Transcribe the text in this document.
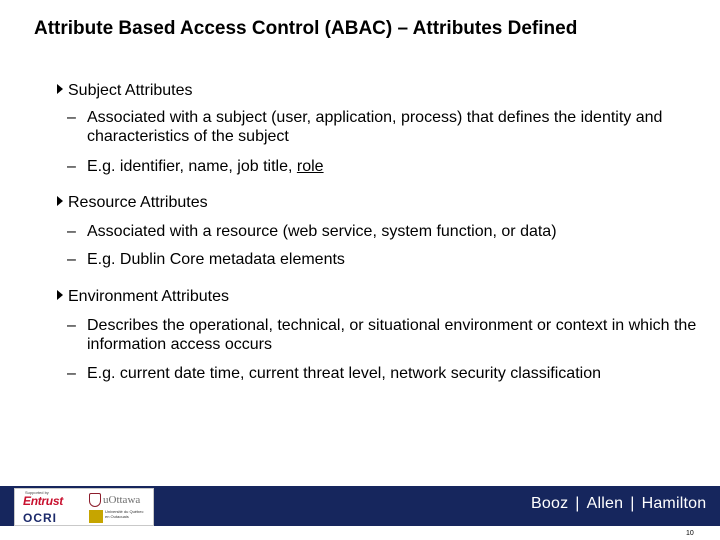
Attribute Based Access Control (ABAC) – Attributes Defined
Subject Attributes
– Associated with a subject (user, application, process) that defines the identity and characteristics of the subject
– E.g. identifier, name, job title, role
Resource Attributes
– Associated with a resource (web service, system function, or data)
– E.g. Dublin Core metadata elements
Environment Attributes
– Describes the operational, technical, or situational environment or context in which the information access occurs
– E.g. current date time, current threat level, network security classification
Supported by
Entrust
OCRI
uOttawa
Université du Québec en Outaouais
Booz | Allen | Hamilton
10
